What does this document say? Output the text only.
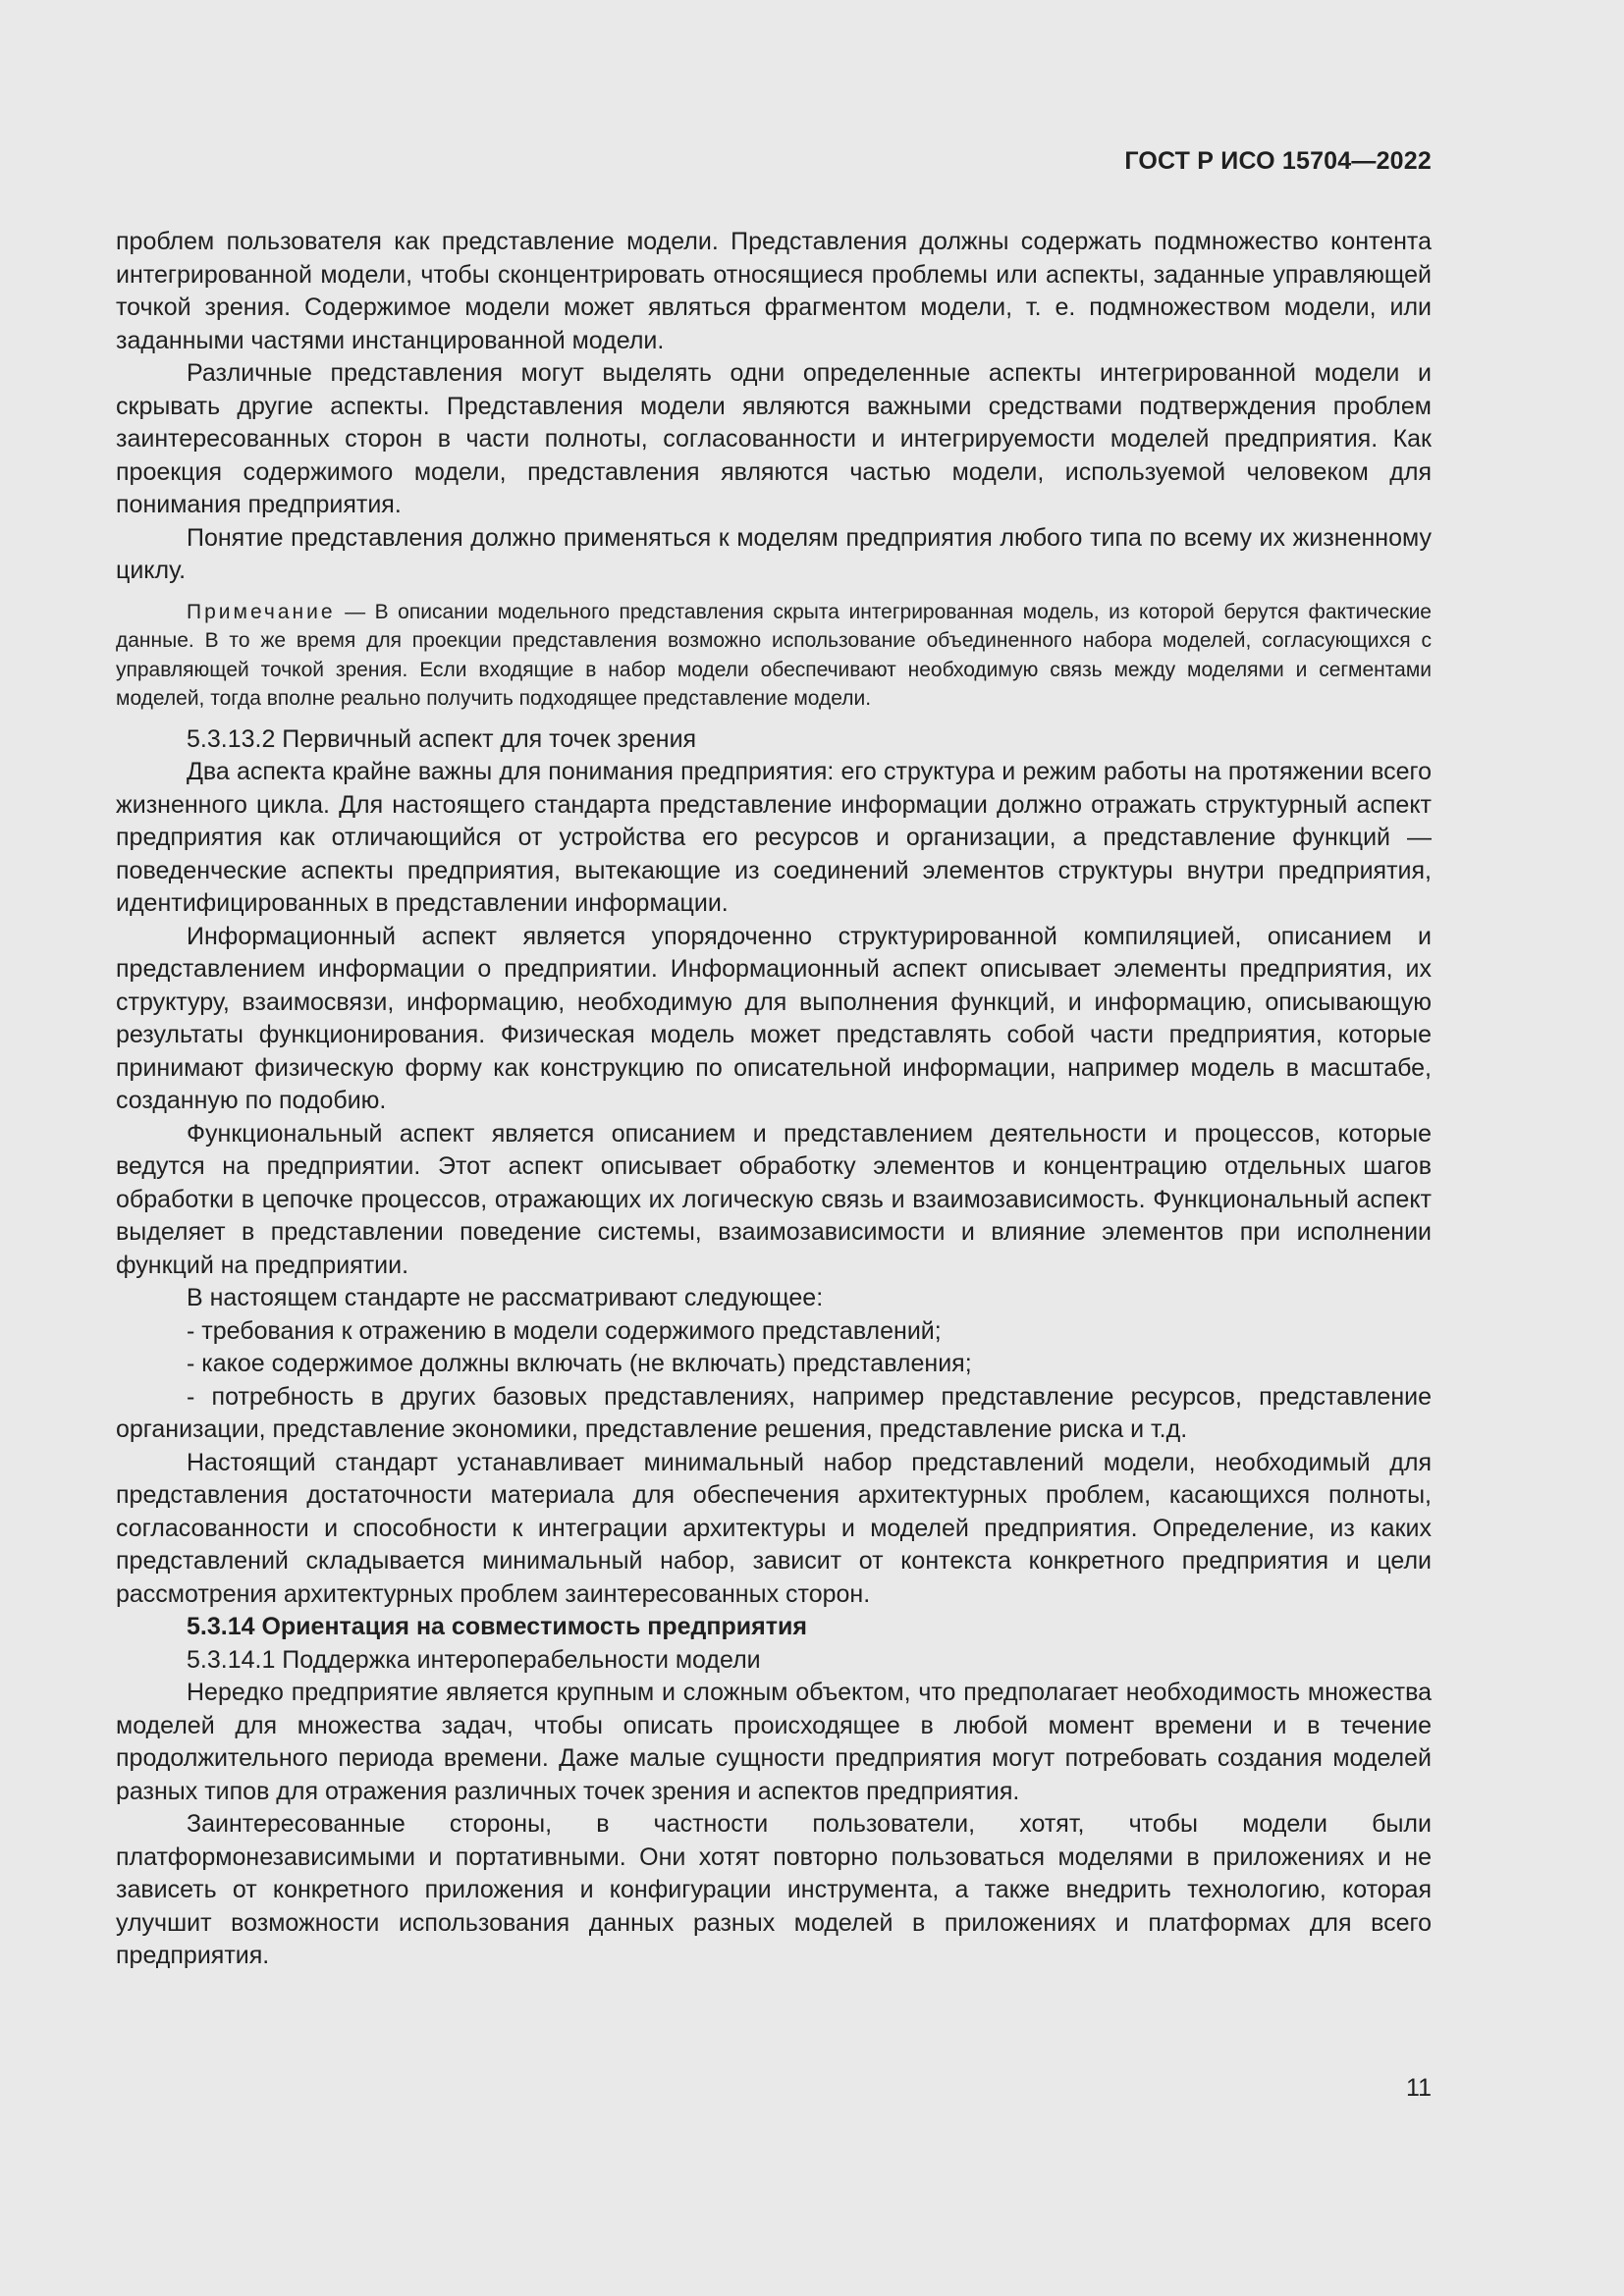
ГОСТ Р ИСО 15704—2022

проблем пользователя как представление модели. Представления должны содержать подмножество контента интегрированной модели, чтобы сконцентрировать относящиеся проблемы или аспекты, заданные управляющей точкой зрения. Содержимое модели может являться фрагментом модели, т. е. подмножеством модели, или заданными частями инстанцированной модели.

Различные представления могут выделять одни определенные аспекты интегрированной модели и скрывать другие аспекты. Представления модели являются важными средствами подтверждения проблем заинтересованных сторон в части полноты, согласованности и интегрируемости моделей предприятия. Как проекция содержимого модели, представления являются частью модели, используемой человеком для понимания предприятия.

Понятие представления должно применяться к моделям предприятия любого типа по всему их жизненному циклу.

Примечание — В описании модельного представления скрыта интегрированная модель, из которой берутся фактические данные. В то же время для проекции представления возможно использование объединенного набора моделей, согласующихся с управляющей точкой зрения. Если входящие в набор модели обеспечивают необходимую связь между моделями и сегментами моделей, тогда вполне реально получить подходящее представление модели.

5.3.13.2 Первичный аспект для точек зрения

Два аспекта крайне важны для понимания предприятия: его структура и режим работы на протяжении всего жизненного цикла. Для настоящего стандарта представление информации должно отражать структурный аспект предприятия как отличающийся от устройства его ресурсов и организации, а представление функций — поведенческие аспекты предприятия, вытекающие из соединений элементов структуры внутри предприятия, идентифицированных в представлении информации.

Информационный аспект является упорядоченно структурированной компиляцией, описанием и представлением информации о предприятии. Информационный аспект описывает элементы предприятия, их структуру, взаимосвязи, информацию, необходимую для выполнения функций, и информацию, описывающую результаты функционирования. Физическая модель может представлять собой части предприятия, которые принимают физическую форму как конструкцию по описательной информации, например модель в масштабе, созданную по подобию.

Функциональный аспект является описанием и представлением деятельности и процессов, которые ведутся на предприятии. Этот аспект описывает обработку элементов и концентрацию отдельных шагов обработки в цепочке процессов, отражающих их логическую связь и взаимозависимость. Функциональный аспект выделяет в представлении поведение системы, взаимозависимости и влияние элементов при исполнении функций на предприятии.

В настоящем стандарте не рассматривают следующее:

- требования к отражению в модели содержимого представлений;

- какое содержимое должны включать (не включать) представления;

- потребность в других базовых представлениях, например представление ресурсов, представление организации, представление экономики, представление решения, представление риска и т.д.

Настоящий стандарт устанавливает минимальный набор представлений модели, необходимый для представления достаточности материала для обеспечения архитектурных проблем, касающихся полноты, согласованности и способности к интеграции архитектуры и моделей предприятия. Определение, из каких представлений складывается минимальный набор, зависит от контекста конкретного предприятия и цели рассмотрения архитектурных проблем заинтересованных сторон.

5.3.14 Ориентация на совместимость предприятия

5.3.14.1 Поддержка интероперабельности модели

Нередко предприятие является крупным и сложным объектом, что предполагает необходимость множества моделей для множества задач, чтобы описать происходящее в любой момент времени и в течение продолжительного периода времени. Даже малые сущности предприятия могут потребовать создания моделей разных типов для отражения различных точек зрения и аспектов предприятия.

Заинтересованные стороны, в частности пользователи, хотят, чтобы модели были платформонезависимыми и портативными. Они хотят повторно пользоваться моделями в приложениях и не зависеть от конкретного приложения и конфигурации инструмента, а также внедрить технологию, которая улучшит возможности использования данных разных моделей в приложениях и платформах для всего предприятия.

11
